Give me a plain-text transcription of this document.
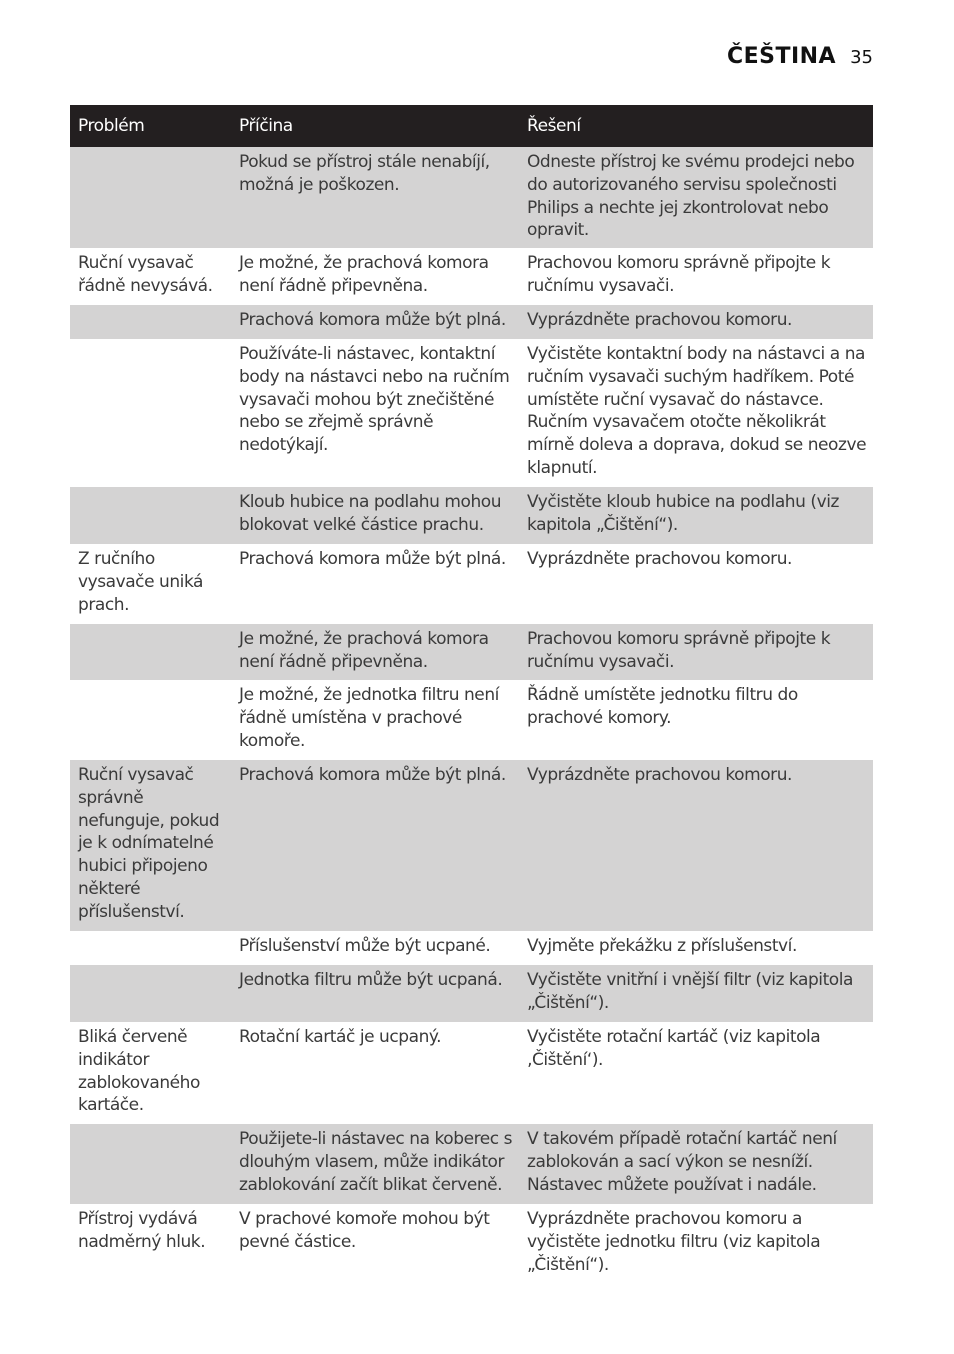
ČEŠTINA 35
Problém	Příčina	Řešení
	Pokud se přístroj stále nenabíjí, možná je poškozen.	Odneste přístroj ke svému prodejci nebo do autorizovaného servisu společnosti Philips a nechte jej zkontrolovat nebo opravit.
Ruční vysavač řádně nevysává.	Je možné, že prachová komora není řádně připevněna.	Prachovou komoru správně připojte k ručnímu vysavači.
	Prachová komora může být plná.	Vyprázdněte prachovou komoru.
	Používáte-li nástavec, kontaktní body na nástavci nebo na ručním vysavači mohou být znečištěné nebo se zřejmě správně nedotýkají.	Vyčistěte kontaktní body na nástavci a na ručním vysavači suchým hadříkem. Poté umístěte ruční vysavač do nástavce. Ručním vysavačem otočte několikrát mírně doleva a doprava, dokud se neozve klapnutí.
	Kloub hubice na podlahu mohou blokovat velké částice prachu.	Vyčistěte kloub hubice na podlahu (viz kapitola „Čištění“).
Z ručního vysavače uniká prach.	Prachová komora může být plná.	Vyprázdněte prachovou komoru.
	Je možné, že prachová komora není řádně připevněna.	Prachovou komoru správně připojte k ručnímu vysavači.
	Je možné, že jednotka filtru není řádně umístěna v prachové komoře.	Řádně umístěte jednotku filtru do prachové komory.
Ruční vysavač správně nefunguje, pokud je k odnímatelné hubici připojeno některé příslušenství.	Prachová komora může být plná.	Vyprázdněte prachovou komoru.
	Příslušenství může být ucpané.	Vyjměte překážku z příslušenství.
	Jednotka filtru může být ucpaná.	Vyčistěte vnitřní i vnější filtr (viz kapitola „Čištění“).
Bliká červeně indikátor zablokovaného kartáče.	Rotační kartáč je ucpaný.	Vyčistěte rotační kartáč (viz kapitola ‚Čištění‘).
	Použijete-li nástavec na koberec s dlouhým vlasem, může indikátor zablokování začít blikat červeně.	V takovém případě rotační kartáč není zablokován a sací výkon se nesníží. Nástavec můžete používat i nadále.
Přístroj vydává nadměrný hluk.	V prachové komoře mohou být pevné částice.	Vyprázdněte prachovou komoru a vyčistěte jednotku filtru (viz kapitola „Čištění“).
